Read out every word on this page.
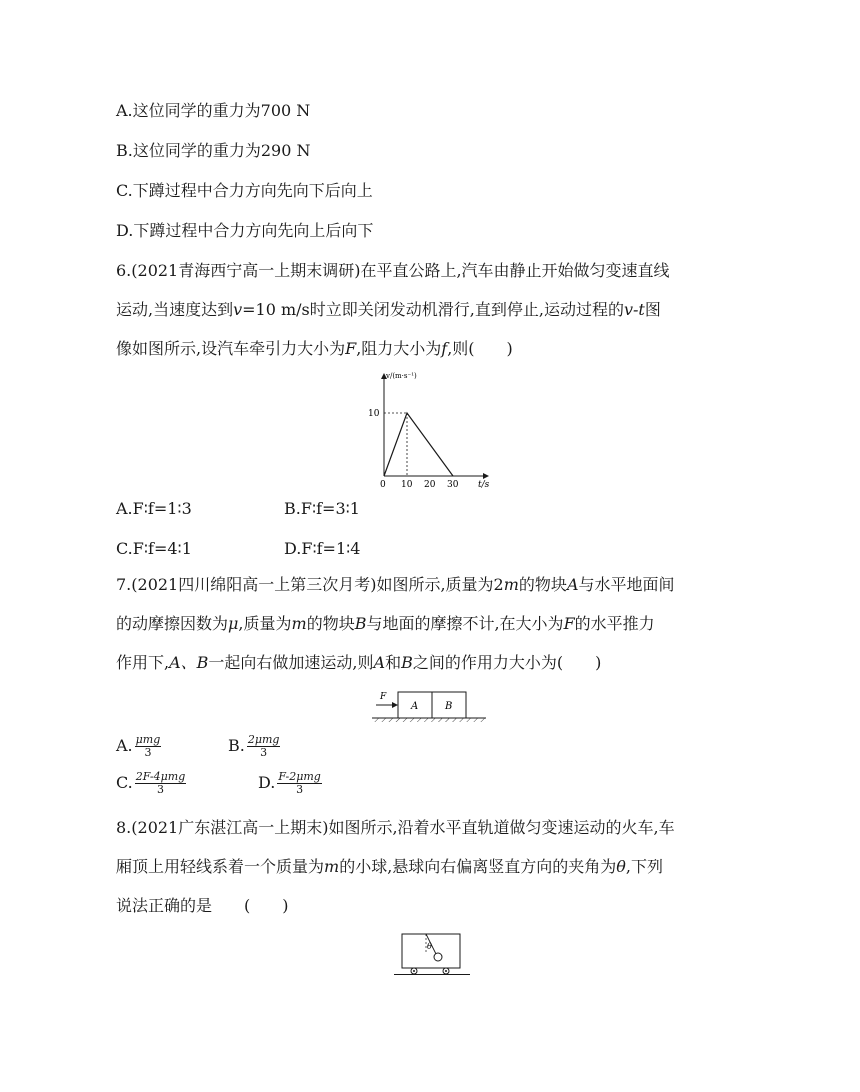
A.这位同学的重力为700 N
B.这位同学的重力为290 N
C.下蹲过程中合力方向先向下后向上
D.下蹲过程中合力方向先向上后向下
6.(2021青海西宁高一上期末调研)在平直公路上,汽车由静止开始做匀变速直线
运动,当速度达到v=10 m/s时立即关闭发动机滑行,直到停止,运动过程的v-t图
像如图所示,设汽车牵引力大小为F,阻力大小为f,则(　　)
v/(m·s⁻¹)
10
0 10 20 30 t/s
A.F∶f=1∶3	B.F∶f=3∶1
C.F∶f=4∶1	D.F∶f=1∶4
7.(2021四川绵阳高一上第三次月考)如图所示,质量为2m的物块A与水平地面间
的动摩擦因数为μ,质量为m的物块B与地面的摩擦不计,在大小为F的水平推力
作用下,A、B一起向右做加速运动,则A和B之间的作用力大小为(　　)
F
A	B
A. $\frac{\text{μmg}}{3}$	B. $\frac{\text{2μmg}}{3}$
C. $\frac{\text{2F-4μmg}}{3}$	D. $\frac{\text{F-2μmg}}{3}$
8.(2021广东湛江高一上期末)如图所示,沿着水平直轨道做匀变速运动的火车,车
厢顶上用轻线系着一个质量为m的小球,悬球向右偏离竖直方向的夹角为θ,下列
说法正确的是　　(　　)
θ
